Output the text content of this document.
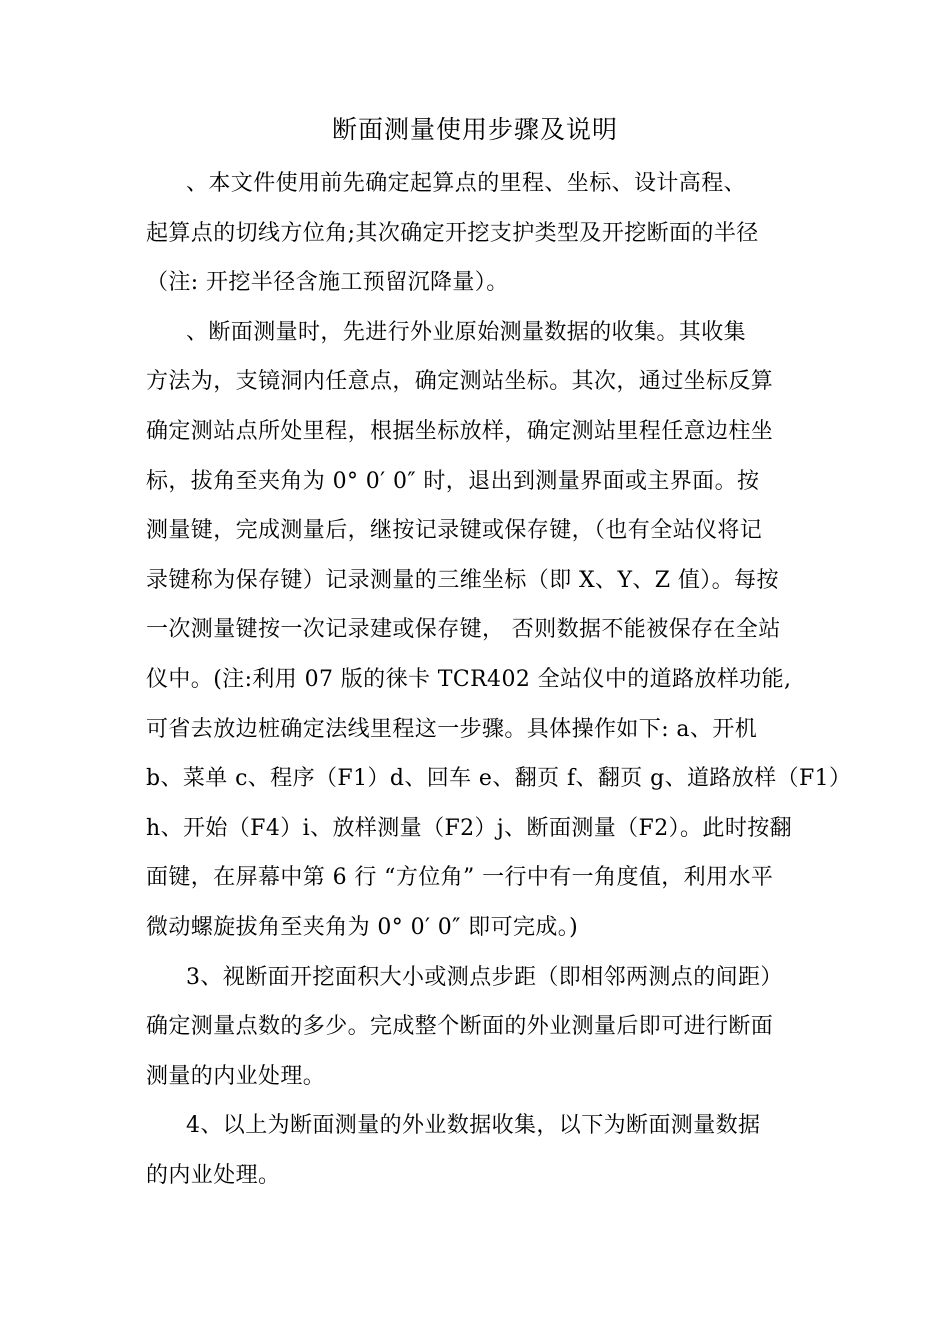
断面测量使用步骤及说明
、本文件使用前先确定起算点的里程、坐标、设计高程、
起算点的切线方位角;其次确定开挖支护类型及开挖断面的半径
（注: 开挖半径含施工预留沉降量）。
、断面测量时，先进行外业原始测量数据的收集。其收集
方法为，支镜洞内任意点，确定测站坐标。其次，通过坐标反算
确定测站点所处里程，根据坐标放样，确定测站里程任意边柱坐
标，拔角至夹角为 0° 0′ 0″ 时，退出到测量界面或主界面。按
测量键，完成测量后，继按记录键或保存键，（也有全站仪将记
录键称为保存键）记录测量的三维坐标（即 X、Y、Z 值）。每按
一次测量键按一次记录建或保存键， 否则数据不能被保存在全站
仪中。(注:利用 07 版的徕卡 TCR402 全站仪中的道路放样功能,
可省去放边桩确定法线里程这一步骤。具体操作如下: a、开机
b、菜单 c、程序（F1）d、回车 e、翻页 f、翻页 g、道路放样（F1）
h、开始（F4）i、放样测量（F2）j、断面测量（F2）。此时按翻
面键，在屏幕中第 6 行 “方位角” 一行中有一角度值，利用水平
微动螺旋拔角至夹角为 0° 0′ 0″ 即可完成。)
3、视断面开挖面积大小或测点步距（即相邻两测点的间距）
确定测量点数的多少。完成整个断面的外业测量后即可进行断面
测量的内业处理。
4、以上为断面测量的外业数据收集，以下为断面测量数据
的内业处理。
